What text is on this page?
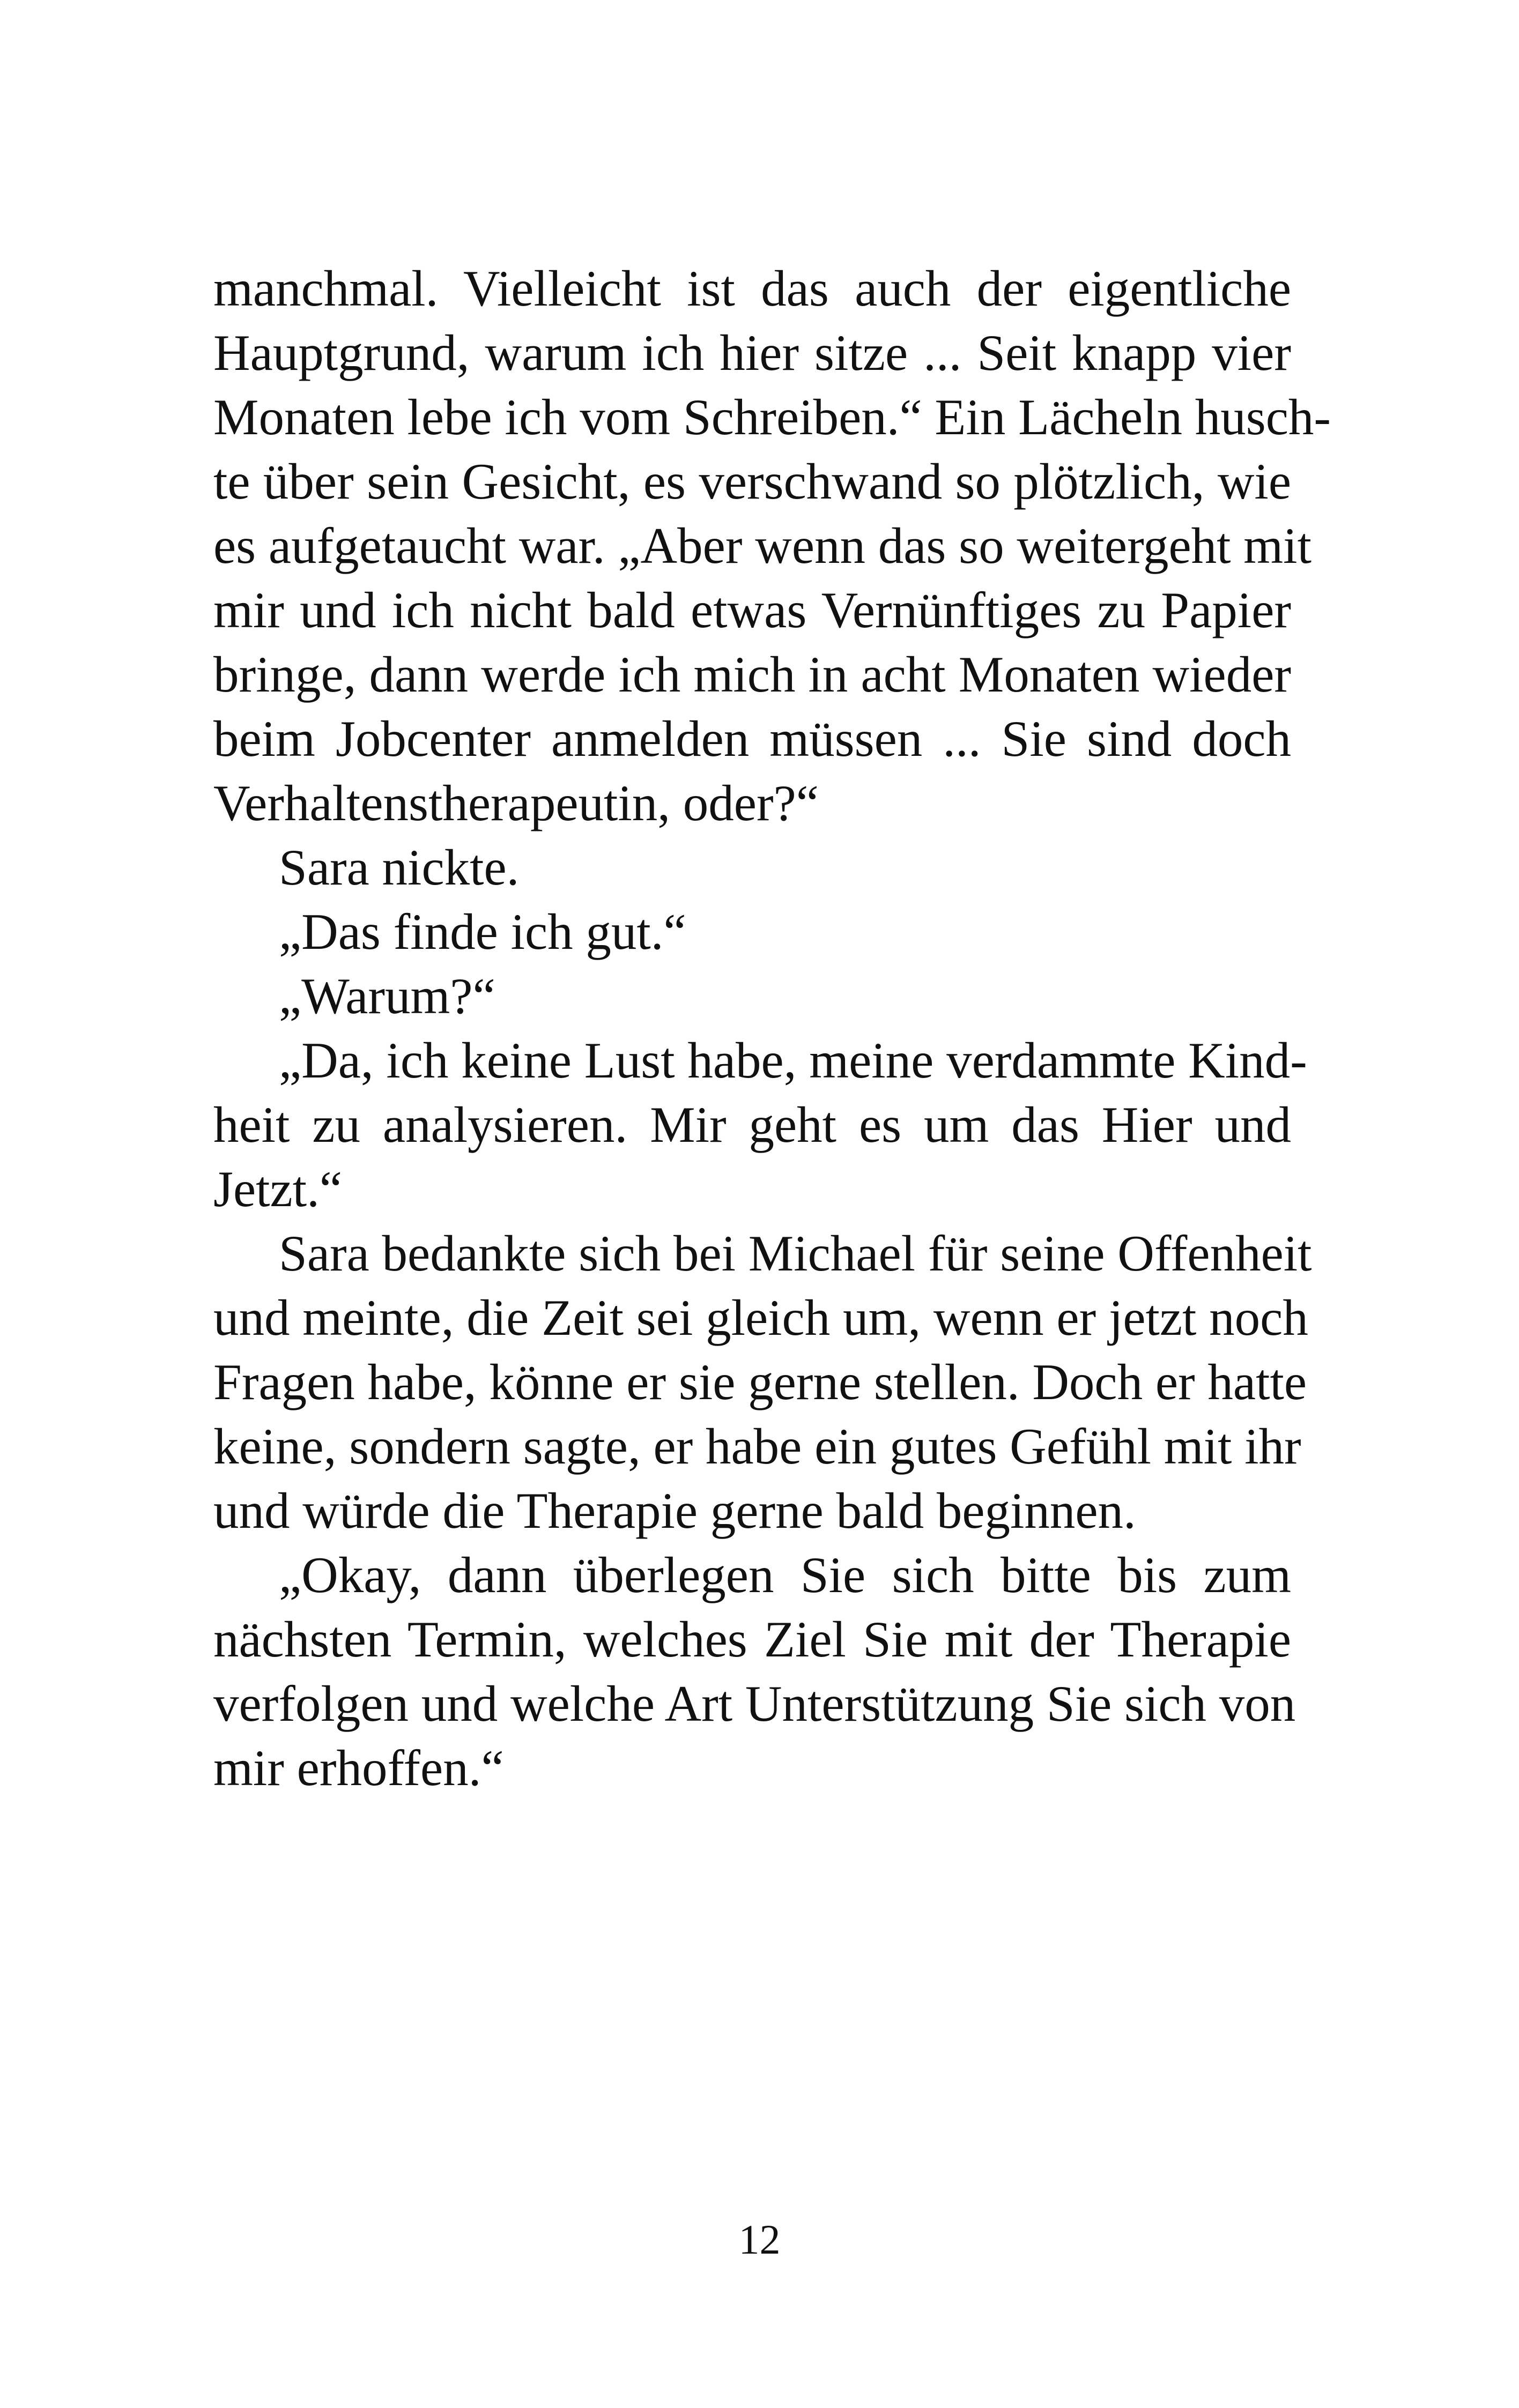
manchmal. Vielleicht ist das auch der eigentliche
Hauptgrund, warum ich hier sitze ... Seit knapp vier
Monaten lebe ich vom Schreiben.“ Ein Lächeln husch-
te über sein Gesicht, es verschwand so plötzlich, wie
es aufgetaucht war. „Aber wenn das so weitergeht mit
mir und ich nicht bald etwas Vernünftiges zu Papier
bringe, dann werde ich mich in acht Monaten wieder
beim Jobcenter anmelden müssen ... Sie sind doch
Verhaltenstherapeutin, oder?“

Sara nickte.

„Das finde ich gut.“

„Warum?“

„Da, ich keine Lust habe, meine verdammte Kind-
heit zu analysieren. Mir geht es um das Hier und
Jetzt.“

Sara bedankte sich bei Michael für seine Offenheit
und meinte, die Zeit sei gleich um, wenn er jetzt noch
Fragen habe, könne er sie gerne stellen. Doch er hatte
keine, sondern sagte, er habe ein gutes Gefühl mit ihr
und würde die Therapie gerne bald beginnen.

„Okay, dann überlegen Sie sich bitte bis zum
nächsten Termin, welches Ziel Sie mit der Therapie
verfolgen und welche Art Unterstützung Sie sich von
mir erhoffen.“

12
